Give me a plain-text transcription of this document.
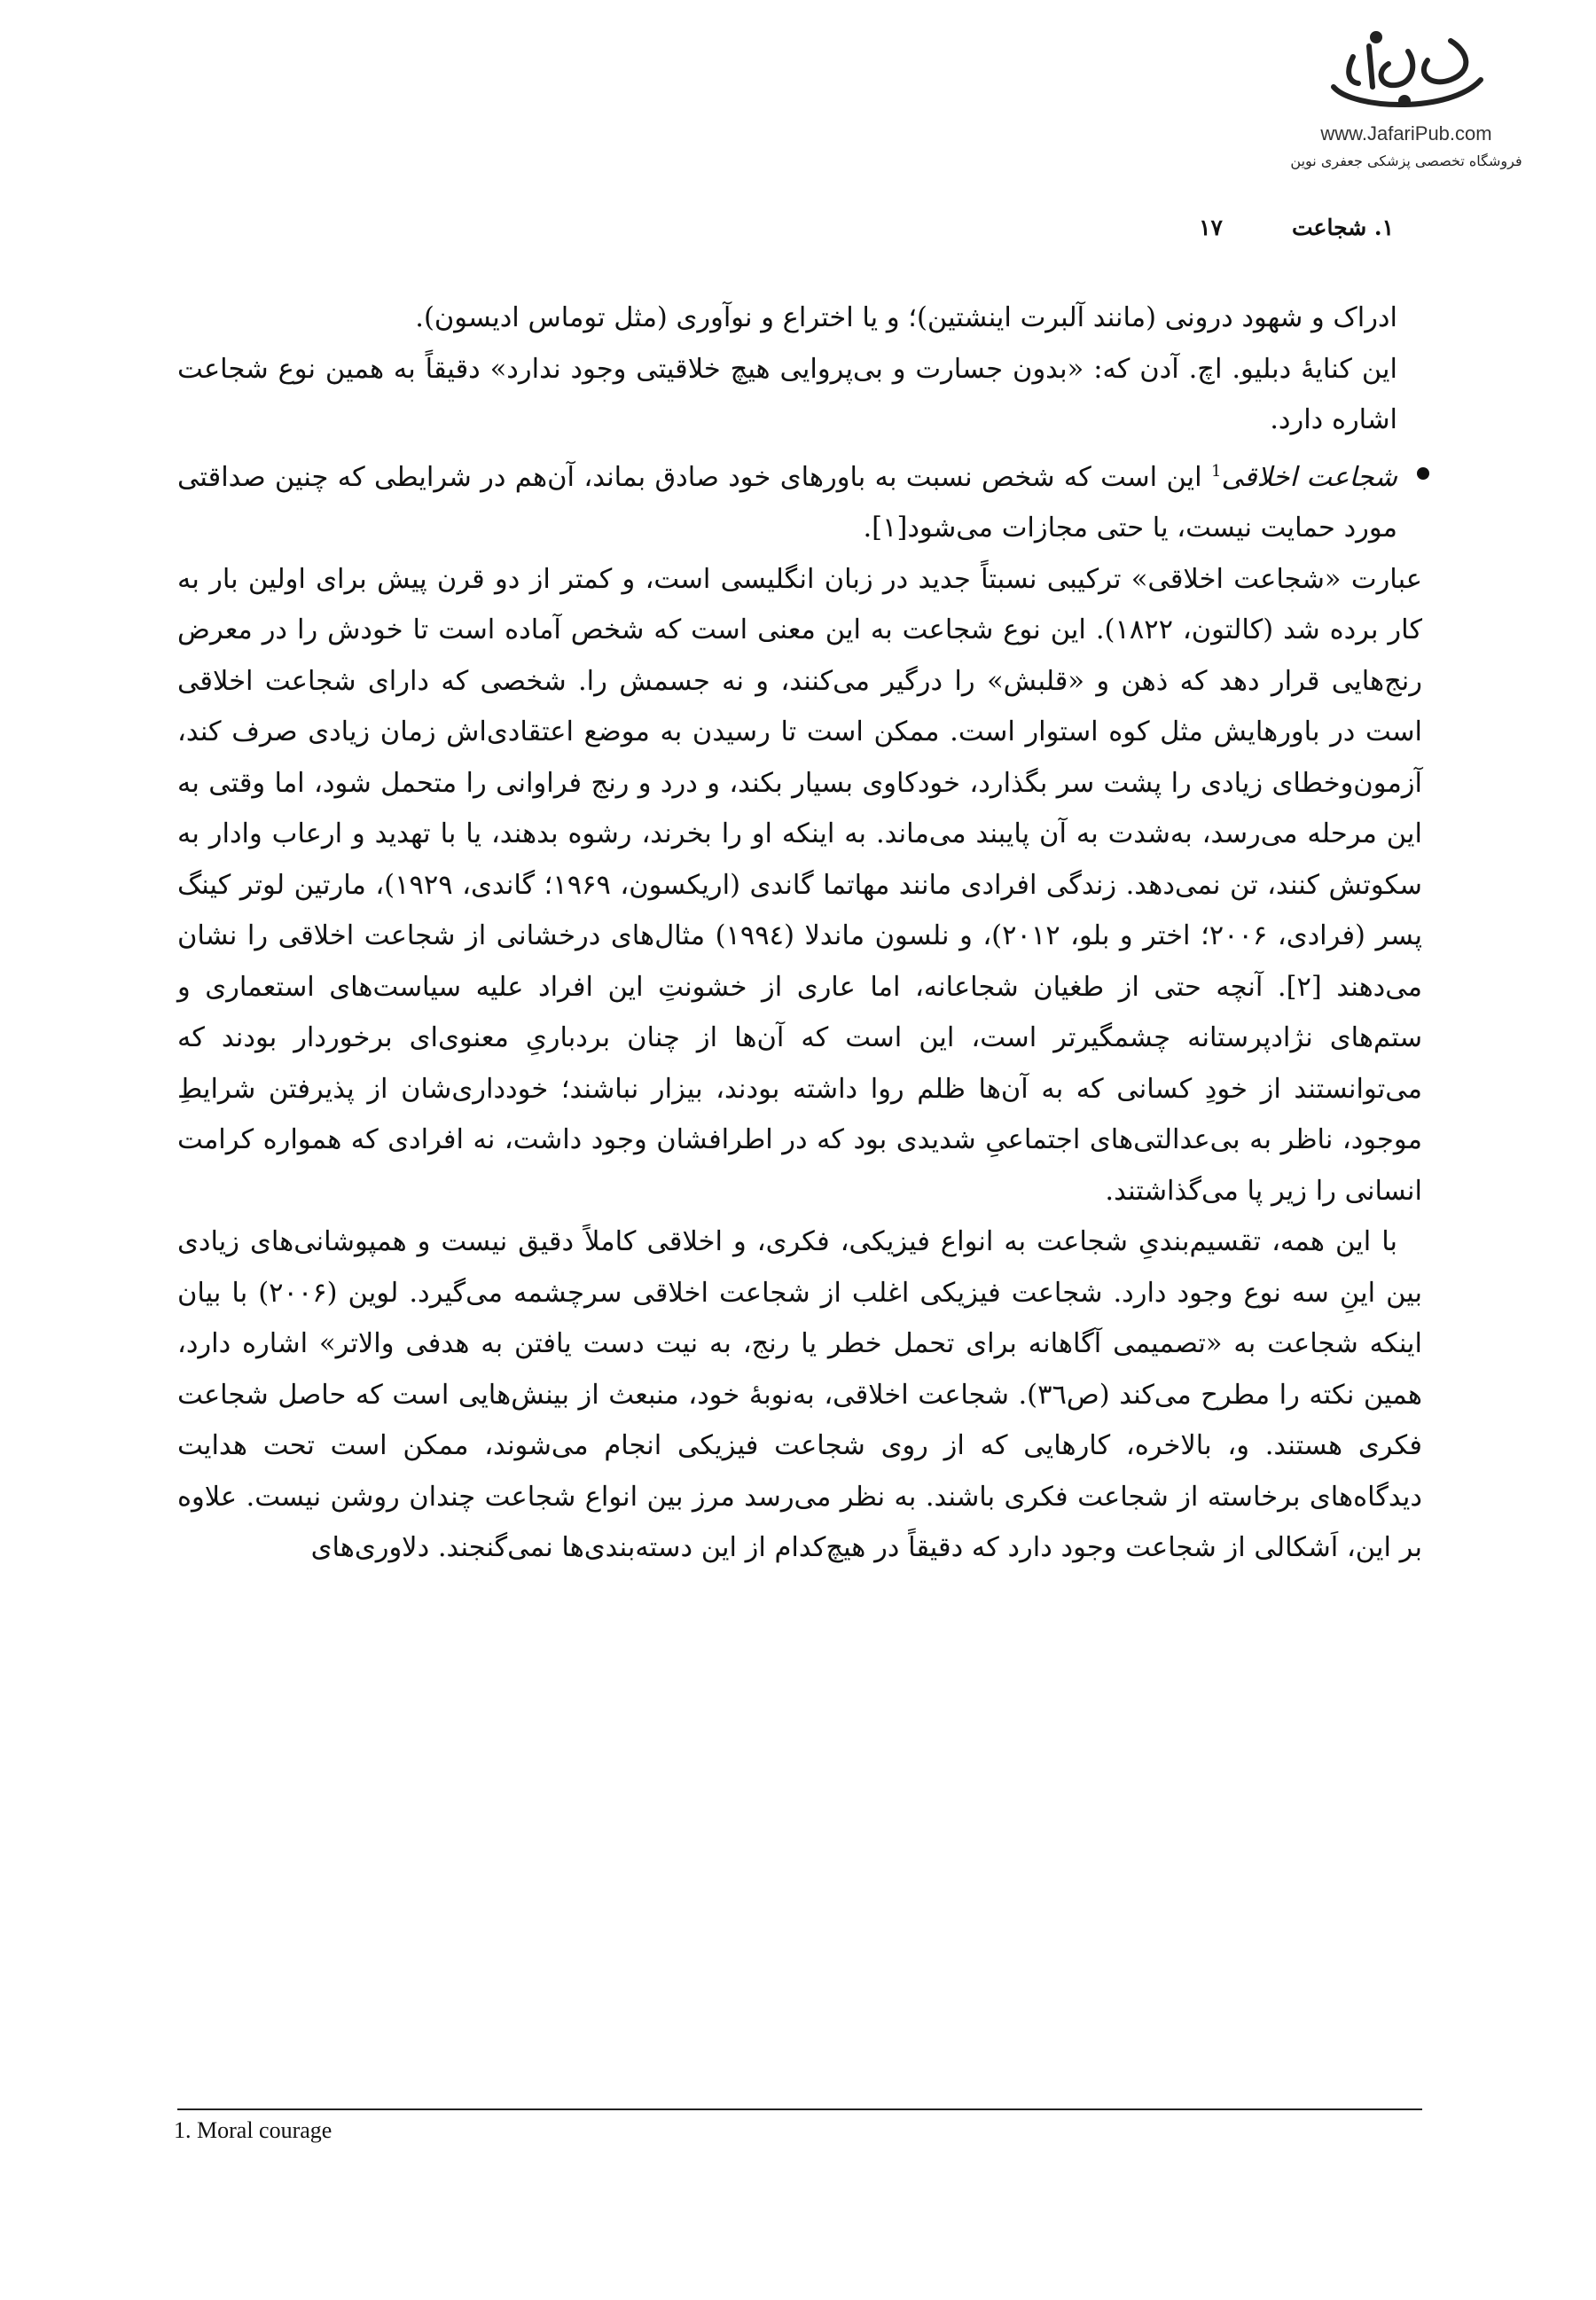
www.JafariPub.com
فروشگاه تخصصی پزشکی جعفری نوین
۱. شجاعت
۱۷

ادراک و شهود درونی (مانند آلبرت اینشتین)؛ و یا اختراع و نوآوری (مثل توماس ادیسون).

این کنایهٔ دبلیو. اچ. آدن که: «بدون جسارت و بی‌پروایی هیچ خلاقیتی وجود ندارد» دقیقاً به همین نوع شجاعت اشاره دارد.

شجاعت اخلاقی$^1$ این است که شخص نسبت به باورهای خود صادق بماند، آن‌هم در شرایطی که چنین صداقتی مورد حمایت نیست، یا حتی مجازات می‌شود[۱].

عبارت «شجاعت اخلاقی» ترکیبی نسبتاً جدید در زبان انگلیسی است، و کمتر از دو قرن پیش برای اولین بار به کار برده شد (کالتون، ۱۸۲۲). این نوع شجاعت به این معنی است که شخص آماده است تا خودش را در معرض رنج‌هایی قرار دهد که ذهن و «قلبش» را درگیر می‌کنند، و نه جسمش را. شخصی که دارای شجاعت اخلاقی است در باورهایش مثل کوه استوار است. ممکن است تا رسیدن به موضع اعتقادی‌اش زمان زیادی صرف کند، آزمون‌وخطای زیادی را پشت سر بگذارد، خودکاوی بسیار بکند، و درد و رنج فراوانی را متحمل شود، اما وقتی به این مرحله می‌رسد، به‌شدت به آن پایبند می‌ماند. به اینکه او را بخرند، رشوه بدهند، یا با تهدید و ارعاب وادار به سکوتش کنند، تن نمی‌دهد. زندگی افرادی مانند مهاتما گاندی (اریکسون، ۱۹۶۹؛ گاندی، ۱۹۲۹)، مارتین لوتر کینگ پسر (فرادی، ۲۰۰۶؛ اختر و بلو، ۲۰۱۲)، و نلسون ماندلا (۱۹۹٤) مثال‌های درخشانی از شجاعت اخلاقی را نشان می‌دهند [۲]. آنچه حتی از طغیان شجاعانه، اما عاری از خشونتِ این افراد علیه سیاست‌های استعماری و ستم‌های نژادپرستانه چشمگیرتر است، این است که آن‌ها از چنان بردباریِ معنوی‌ای برخوردار بودند که می‌توانستند از خودِ کسانی که به آن‌ها ظلم روا داشته بودند، بیزار نباشند؛ خودداری‌شان از پذیرفتن شرایطِ موجود، ناظر به بی‌عدالتی‌های اجتماعیِ شدیدی بود که در اطرافشان وجود داشت، نه افرادی که همواره کرامت انسانی را زیر پا می‌گذاشتند.

با این همه، تقسیم‌بندیِ شجاعت به انواع فیزیکی، فکری، و اخلاقی کاملاً دقیق نیست و همپوشانی‌های زیادی بین اینِ سه نوع وجود دارد. شجاعت فیزیکی اغلب از شجاعت اخلاقی سرچشمه می‌گیرد. لوین (۲۰۰۶) با بیان اینکه شجاعت به «تصمیمی آگاهانه برای تحمل خطر یا رنج، به نیت دست یافتن به هدفی والاتر» اشاره دارد، همین نکته را مطرح می‌کند (ص۳٦). شجاعت اخلاقی، به‌نوبهٔ خود، منبعث از بینش‌هایی است که حاصل شجاعت فکری هستند. و، بالاخره، کارهایی که از روی شجاعت فیزیکی انجام می‌شوند، ممکن است تحت هدایت دیدگاه‌های برخاسته از شجاعت فکری باشند. به نظر می‌رسد مرز بین انواع شجاعت چندان روشن نیست. علاوه بر این، اَشکالی از شجاعت وجود دارد که دقیقاً در هیچ‌کدام از این دسته‌بندی‌ها نمی‌گنجند. دلاوری‌های

1. Moral courage
